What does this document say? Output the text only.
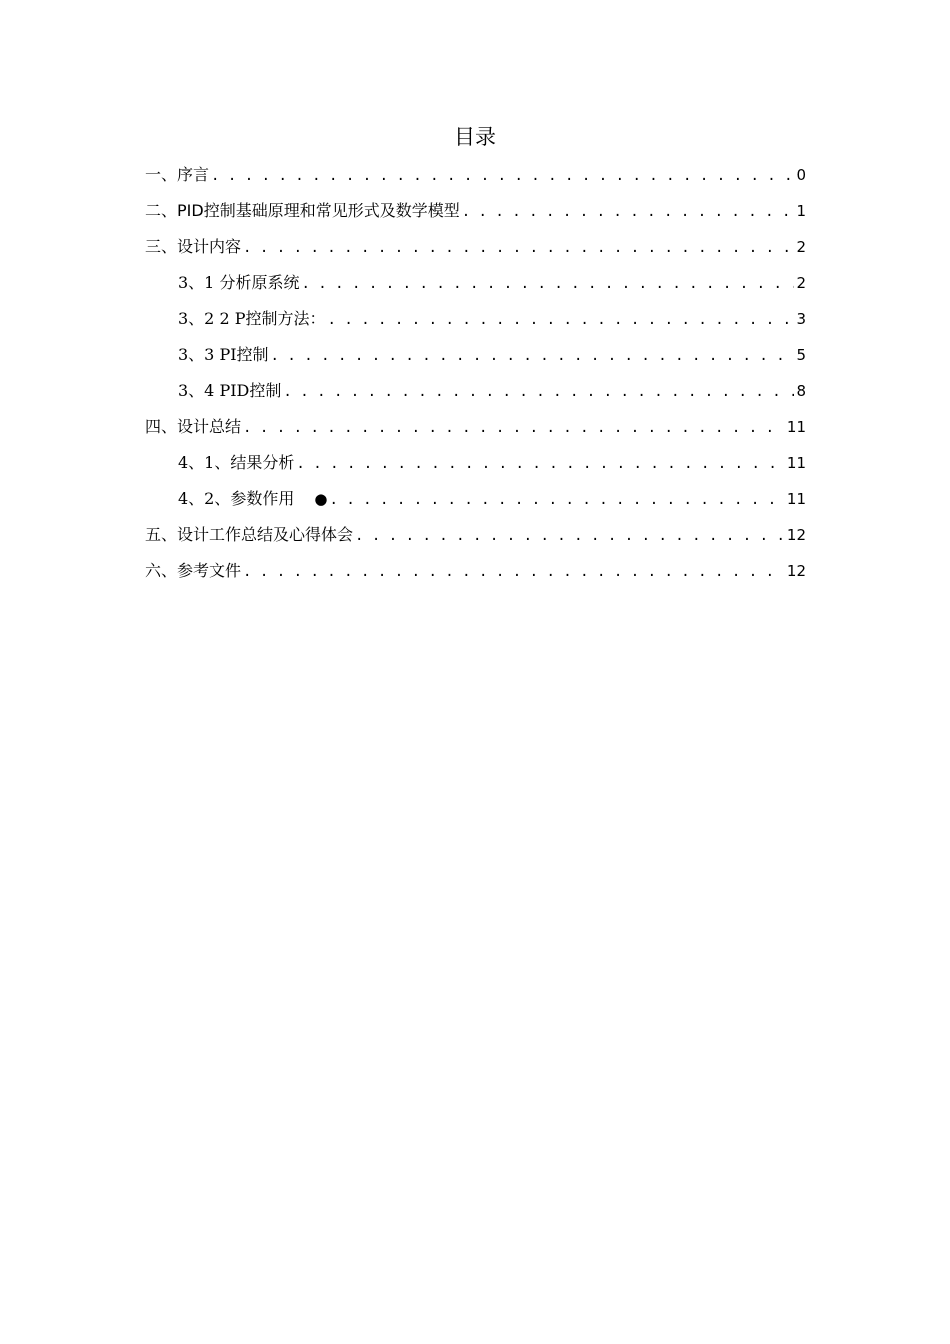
目录
一、序言 . . .	0
二、PID控制基础原理和常见形式及数学模型 . . .	1
三、设计内容 . . .	2
3、1 分析原系统 . . .	2
3、2 2 P控制方法： . . .	3
3、3 PI控制 . . .	5
3、4 PID控制 . . .	8
四、设计总结 . . .	11
4、1、结果分析 . . .	11
4、2、参数作用 ● . . .	11
五、设计工作总结及心得体会 . . .	12
六、参考文件 . . .	12
